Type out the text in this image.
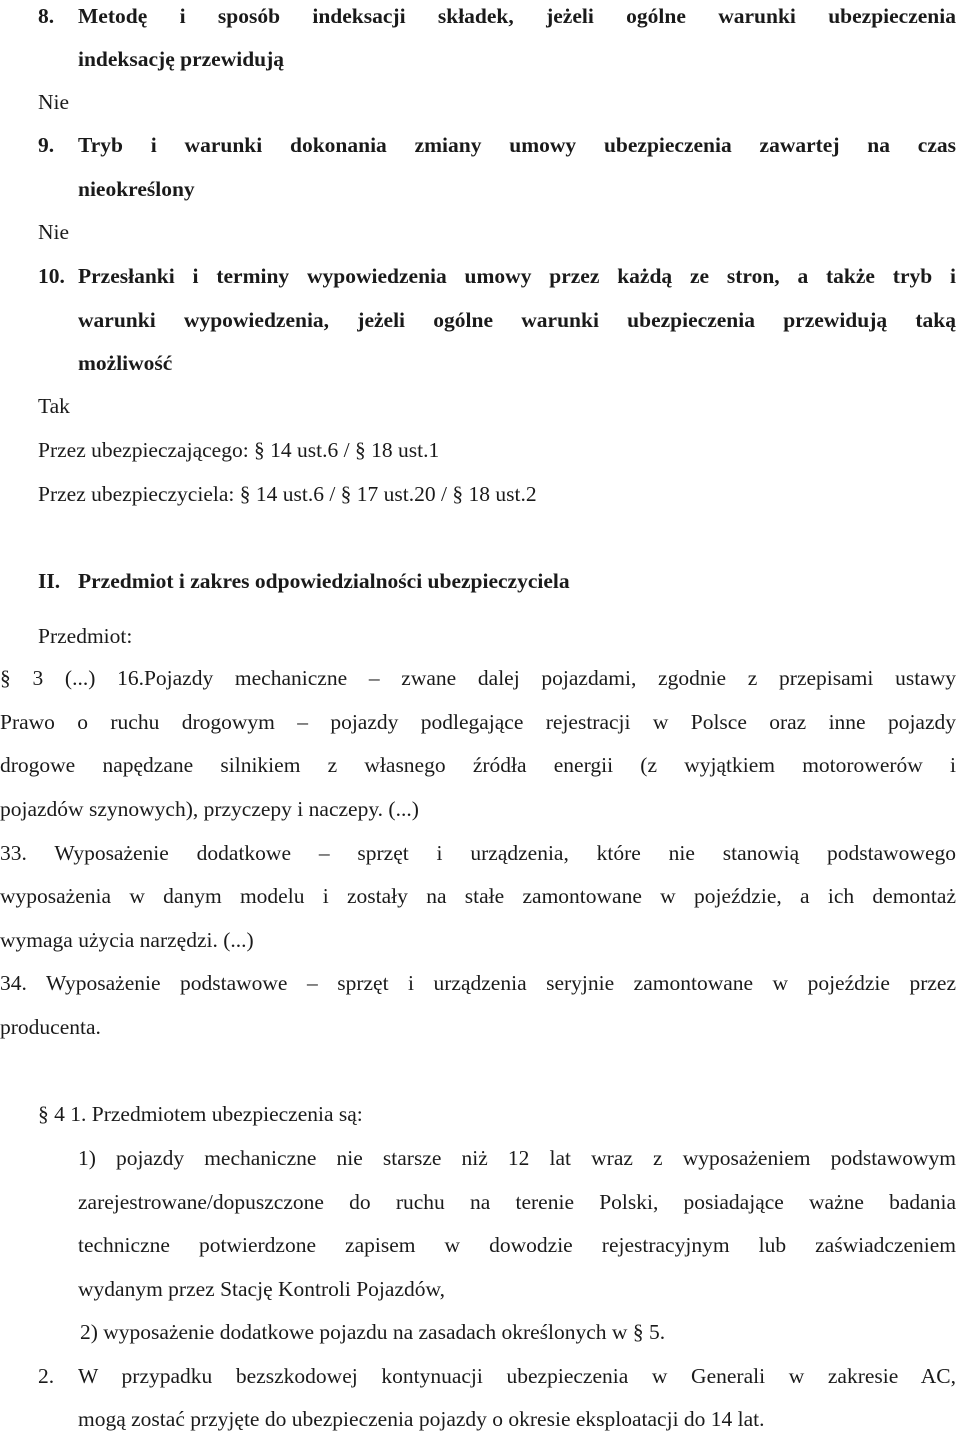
8. Metodę i sposób indeksacji składek, jeżeli ogólne warunki ubezpieczenia
indeksację przewidują
Nie
9. Tryb i warunki dokonania zmiany umowy ubezpieczenia zawartej na czas
nieokreślony
Nie
10. Przesłanki i terminy wypowiedzenia umowy przez każdą ze stron, a także tryb i
warunki wypowiedzenia, jeżeli ogólne warunki ubezpieczenia przewidują taką
możliwość
Tak
Przez ubezpieczającego: § 14 ust.6 / § 18 ust.1
Przez ubezpieczyciela: § 14 ust.6 / § 17 ust.20 / § 18 ust.2
II. Przedmiot i zakres odpowiedzialności ubezpieczyciela
Przedmiot:
§ 3 (...) 16.Pojazdy mechaniczne – zwane dalej pojazdami, zgodnie z przepisami ustawy
Prawo o ruchu drogowym – pojazdy podlegające rejestracji w Polsce oraz inne pojazdy
drogowe napędzane silnikiem z własnego źródła energii (z wyjątkiem motorowerów i
pojazdów szynowych), przyczepy i naczepy. (...)
33. Wyposażenie dodatkowe – sprzęt i urządzenia, które nie stanowią podstawowego
wyposażenia w danym modelu i zostały na stałe zamontowane w pojeździe, a ich demontaż
wymaga użycia narzędzi. (...)
34. Wyposażenie podstawowe – sprzęt i urządzenia seryjnie zamontowane w pojeździe przez
producenta.
§ 4 1. Przedmiotem ubezpieczenia są:
1) pojazdy mechaniczne nie starsze niż 12 lat wraz z wyposażeniem podstawowym
zarejestrowane/dopuszczone do ruchu na terenie Polski, posiadające ważne badania
techniczne potwierdzone zapisem w dowodzie rejestracyjnym lub zaświadczeniem
wydanym przez Stację Kontroli Pojazdów,
2) wyposażenie dodatkowe pojazdu na zasadach określonych w § 5.
2. W przypadku bezszkodowej kontynuacji ubezpieczenia w Generali w zakresie AC,
mogą zostać przyjęte do ubezpieczenia pojazdy o okresie eksploatacji do 14 lat.
